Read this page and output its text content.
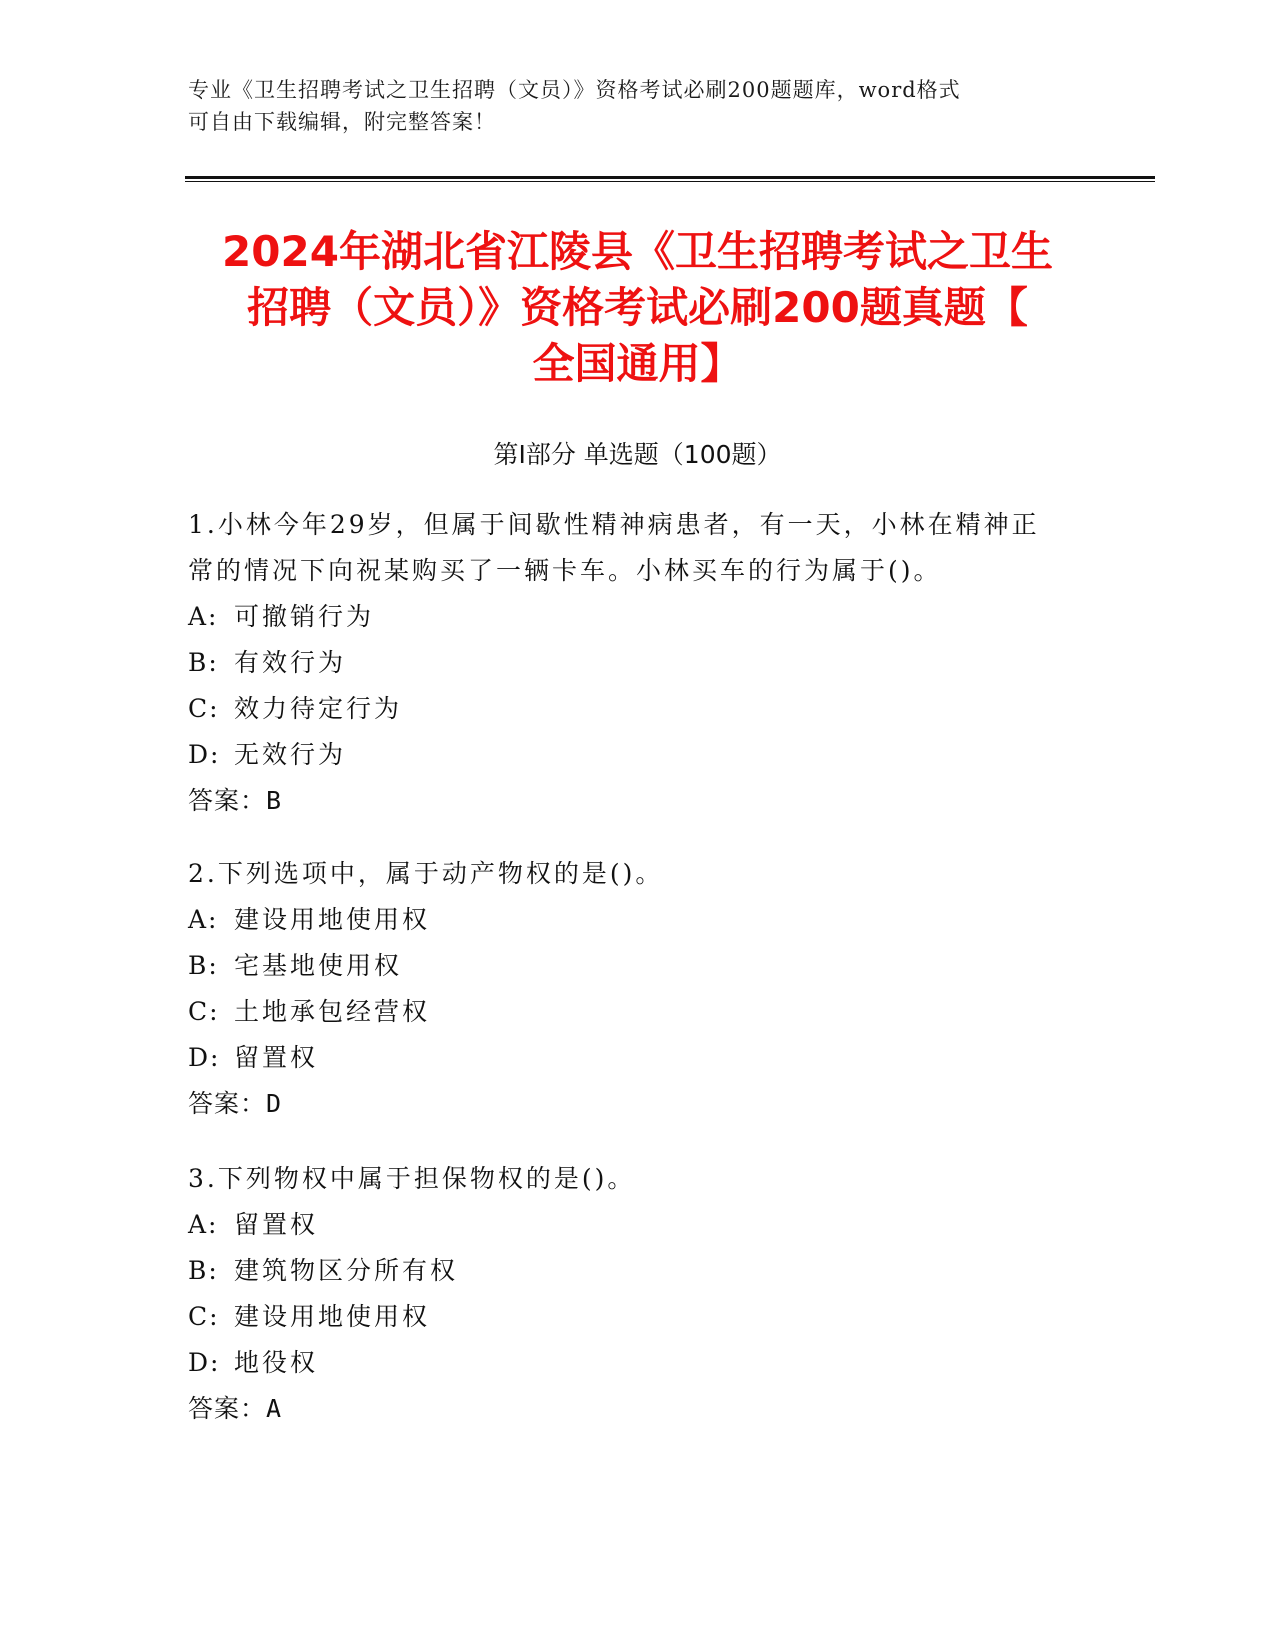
专业《卫生招聘考试之卫生招聘（文员）》资格考试必刷200题题库，word格式
可自由下载编辑，附完整答案！
2024年湖北省江陵县《卫生招聘考试之卫生
招聘（文员）》资格考试必刷200题真题【
全国通用】
第Ⅰ部分 单选题（100题）
1.小林今年29岁，但属于间歇性精神病患者，有一天，小林在精神正
常的情况下向祝某购买了一辆卡车。小林买车的行为属于()。
A: 可撤销行为
B: 有效行为
C: 效力待定行为
D: 无效行为
答案：B
2.下列选项中，属于动产物权的是()。
A: 建设用地使用权
B: 宅基地使用权
C: 土地承包经营权
D: 留置权
答案：D
3.下列物权中属于担保物权的是()。
A: 留置权
B: 建筑物区分所有权
C: 建设用地使用权
D: 地役权
答案：A
